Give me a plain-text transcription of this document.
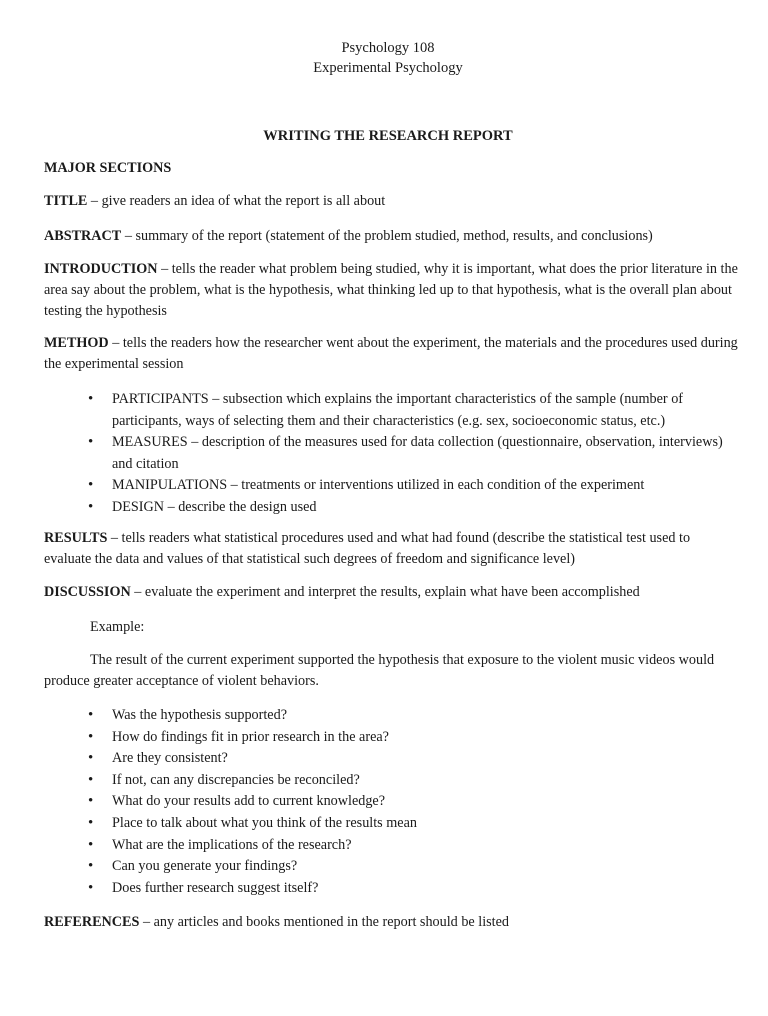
Psychology 108
Experimental Psychology
WRITING THE RESEARCH REPORT
MAJOR SECTIONS
TITLE – give readers an idea of what the report is all about
ABSTRACT – summary of the report (statement of the problem studied, method, results, and conclusions)
INTRODUCTION – tells the reader what problem being studied, why it is important, what does the prior literature in the area say about the problem, what is the hypothesis, what thinking led up to that hypothesis, what is the overall plan about testing the hypothesis
METHOD – tells the readers how the researcher went about the experiment, the materials and the procedures used during the experimental session
• PARTICIPANTS – subsection which explains the important characteristics of the sample (number of participants, ways of selecting them and their characteristics (e.g. sex, socioeconomic status, etc.)
• MEASURES – description of the measures used for data collection (questionnaire, observation, interviews) and citation
• MANIPULATIONS – treatments or interventions utilized in each condition of the experiment
• DESIGN – describe the design used
RESULTS – tells readers what statistical procedures used and what had found (describe the statistical test used to evaluate the data and values of that statistical such degrees of freedom and significance level)
DISCUSSION – evaluate the experiment and interpret the results, explain what have been accomplished
Example:
The result of the current experiment supported the hypothesis that exposure to the violent music videos would produce greater acceptance of violent behaviors.
• Was the hypothesis supported?
• How do findings fit in prior research in the area?
• Are they consistent?
• If not, can any discrepancies be reconciled?
• What do your results add to current knowledge?
• Place to talk about what you think of the results mean
• What are the implications of the research?
• Can you generate your findings?
• Does further research suggest itself?
REFERENCES – any articles and books mentioned in the report should be listed
